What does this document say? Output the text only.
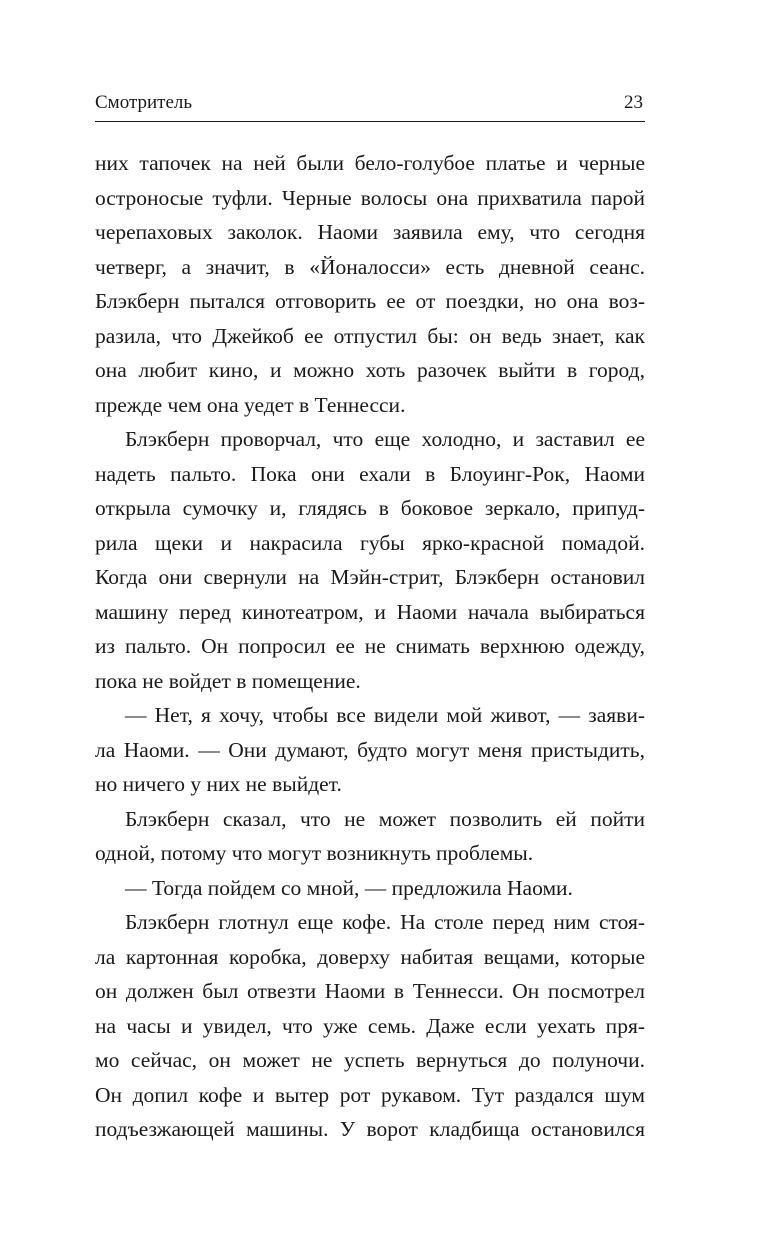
Смотритель	23
них тапочек на ней были бело-голубое платье и черные
остроносые туфли. Черные волосы она прихватила парой
черепаховых заколок. Наоми заявила ему, что сегодня
четверг, а значит, в «Йоналосси» есть дневной сеанс.
Блэкберн пытался отговорить ее от поездки, но она воз-
разила, что Джейкоб ее отпустил бы: он ведь знает, как
она любит кино, и можно хоть разочек выйти в город,
прежде чем она уедет в Теннесси.
Блэкберн проворчал, что еще холодно, и заставил ее
надеть пальто. Пока они ехали в Блоуинг-Рок, Наоми
открыла сумочку и, глядясь в боковое зеркало, припуд-
рила щеки и накрасила губы ярко-красной помадой.
Когда они свернули на Мэйн-стрит, Блэкберн остановил
машину перед кинотеатром, и Наоми начала выбираться
из пальто. Он попросил ее не снимать верхнюю одежду,
пока не войдет в помещение.
— Нет, я хочу, чтобы все видели мой живот, — заяви-
ла Наоми. — Они думают, будто могут меня пристыдить,
но ничего у них не выйдет.
Блэкберн сказал, что не может позволить ей пойти
одной, потому что могут возникнуть проблемы.
— Тогда пойдем со мной, — предложила Наоми.
Блэкберн глотнул еще кофе. На столе перед ним стоя-
ла картонная коробка, доверху набитая вещами, которые
он должен был отвезти Наоми в Теннесси. Он посмотрел
на часы и увидел, что уже семь. Даже если уехать пря-
мо сейчас, он может не успеть вернуться до полуночи.
Он допил кофе и вытер рот рукавом. Тут раздался шум
подъезжающей машины. У ворот кладбища остановился
